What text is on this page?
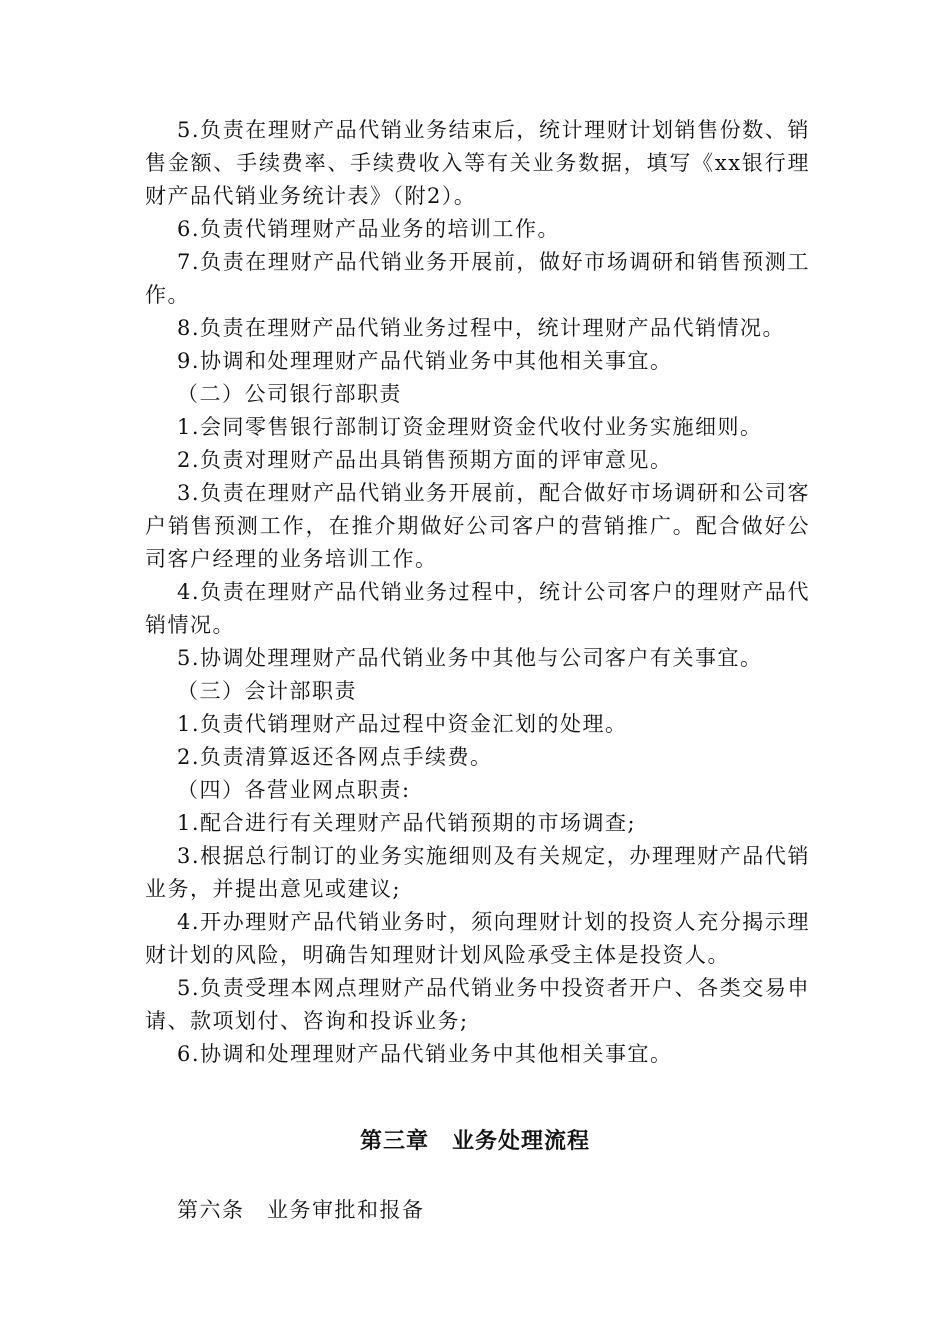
5.负责在理财产品代销业务结束后，统计理财计划销售份数、销售金额、手续费率、手续费收入等有关业务数据，填写《xx银行理财产品代销业务统计表》（附2）。

6.负责代销理财产品业务的培训工作。

7.负责在理财产品代销业务开展前，做好市场调研和销售预测工作。

8.负责在理财产品代销业务过程中，统计理财产品代销情况。

9.协调和处理理财产品代销业务中其他相关事宜。

（二）公司银行部职责

1.会同零售银行部制订资金理财资金代收付业务实施细则。

2.负责对理财产品出具销售预期方面的评审意见。

3.负责在理财产品代销业务开展前，配合做好市场调研和公司客户销售预测工作，在推介期做好公司客户的营销推广。配合做好公司客户经理的业务培训工作。

4.负责在理财产品代销业务过程中，统计公司客户的理财产品代销情况。

5.协调处理理财产品代销业务中其他与公司客户有关事宜。

（三）会计部职责

1.负责代销理财产品过程中资金汇划的处理。

2.负责清算返还各网点手续费。

（四）各营业网点职责:

1.配合进行有关理财产品代销预期的市场调查;

3.根据总行制订的业务实施细则及有关规定，办理理财产品代销业务，并提出意见或建议;

4.开办理财产品代销业务时，须向理财计划的投资人充分揭示理财计划的风险，明确告知理财计划风险承受主体是投资人。

5.负责受理本网点理财产品代销业务中投资者开户、各类交易申请、款项划付、咨询和投诉业务;

6.协调和处理理财产品代销业务中其他相关事宜。

第三章　业务处理流程

第六条　业务审批和报备
